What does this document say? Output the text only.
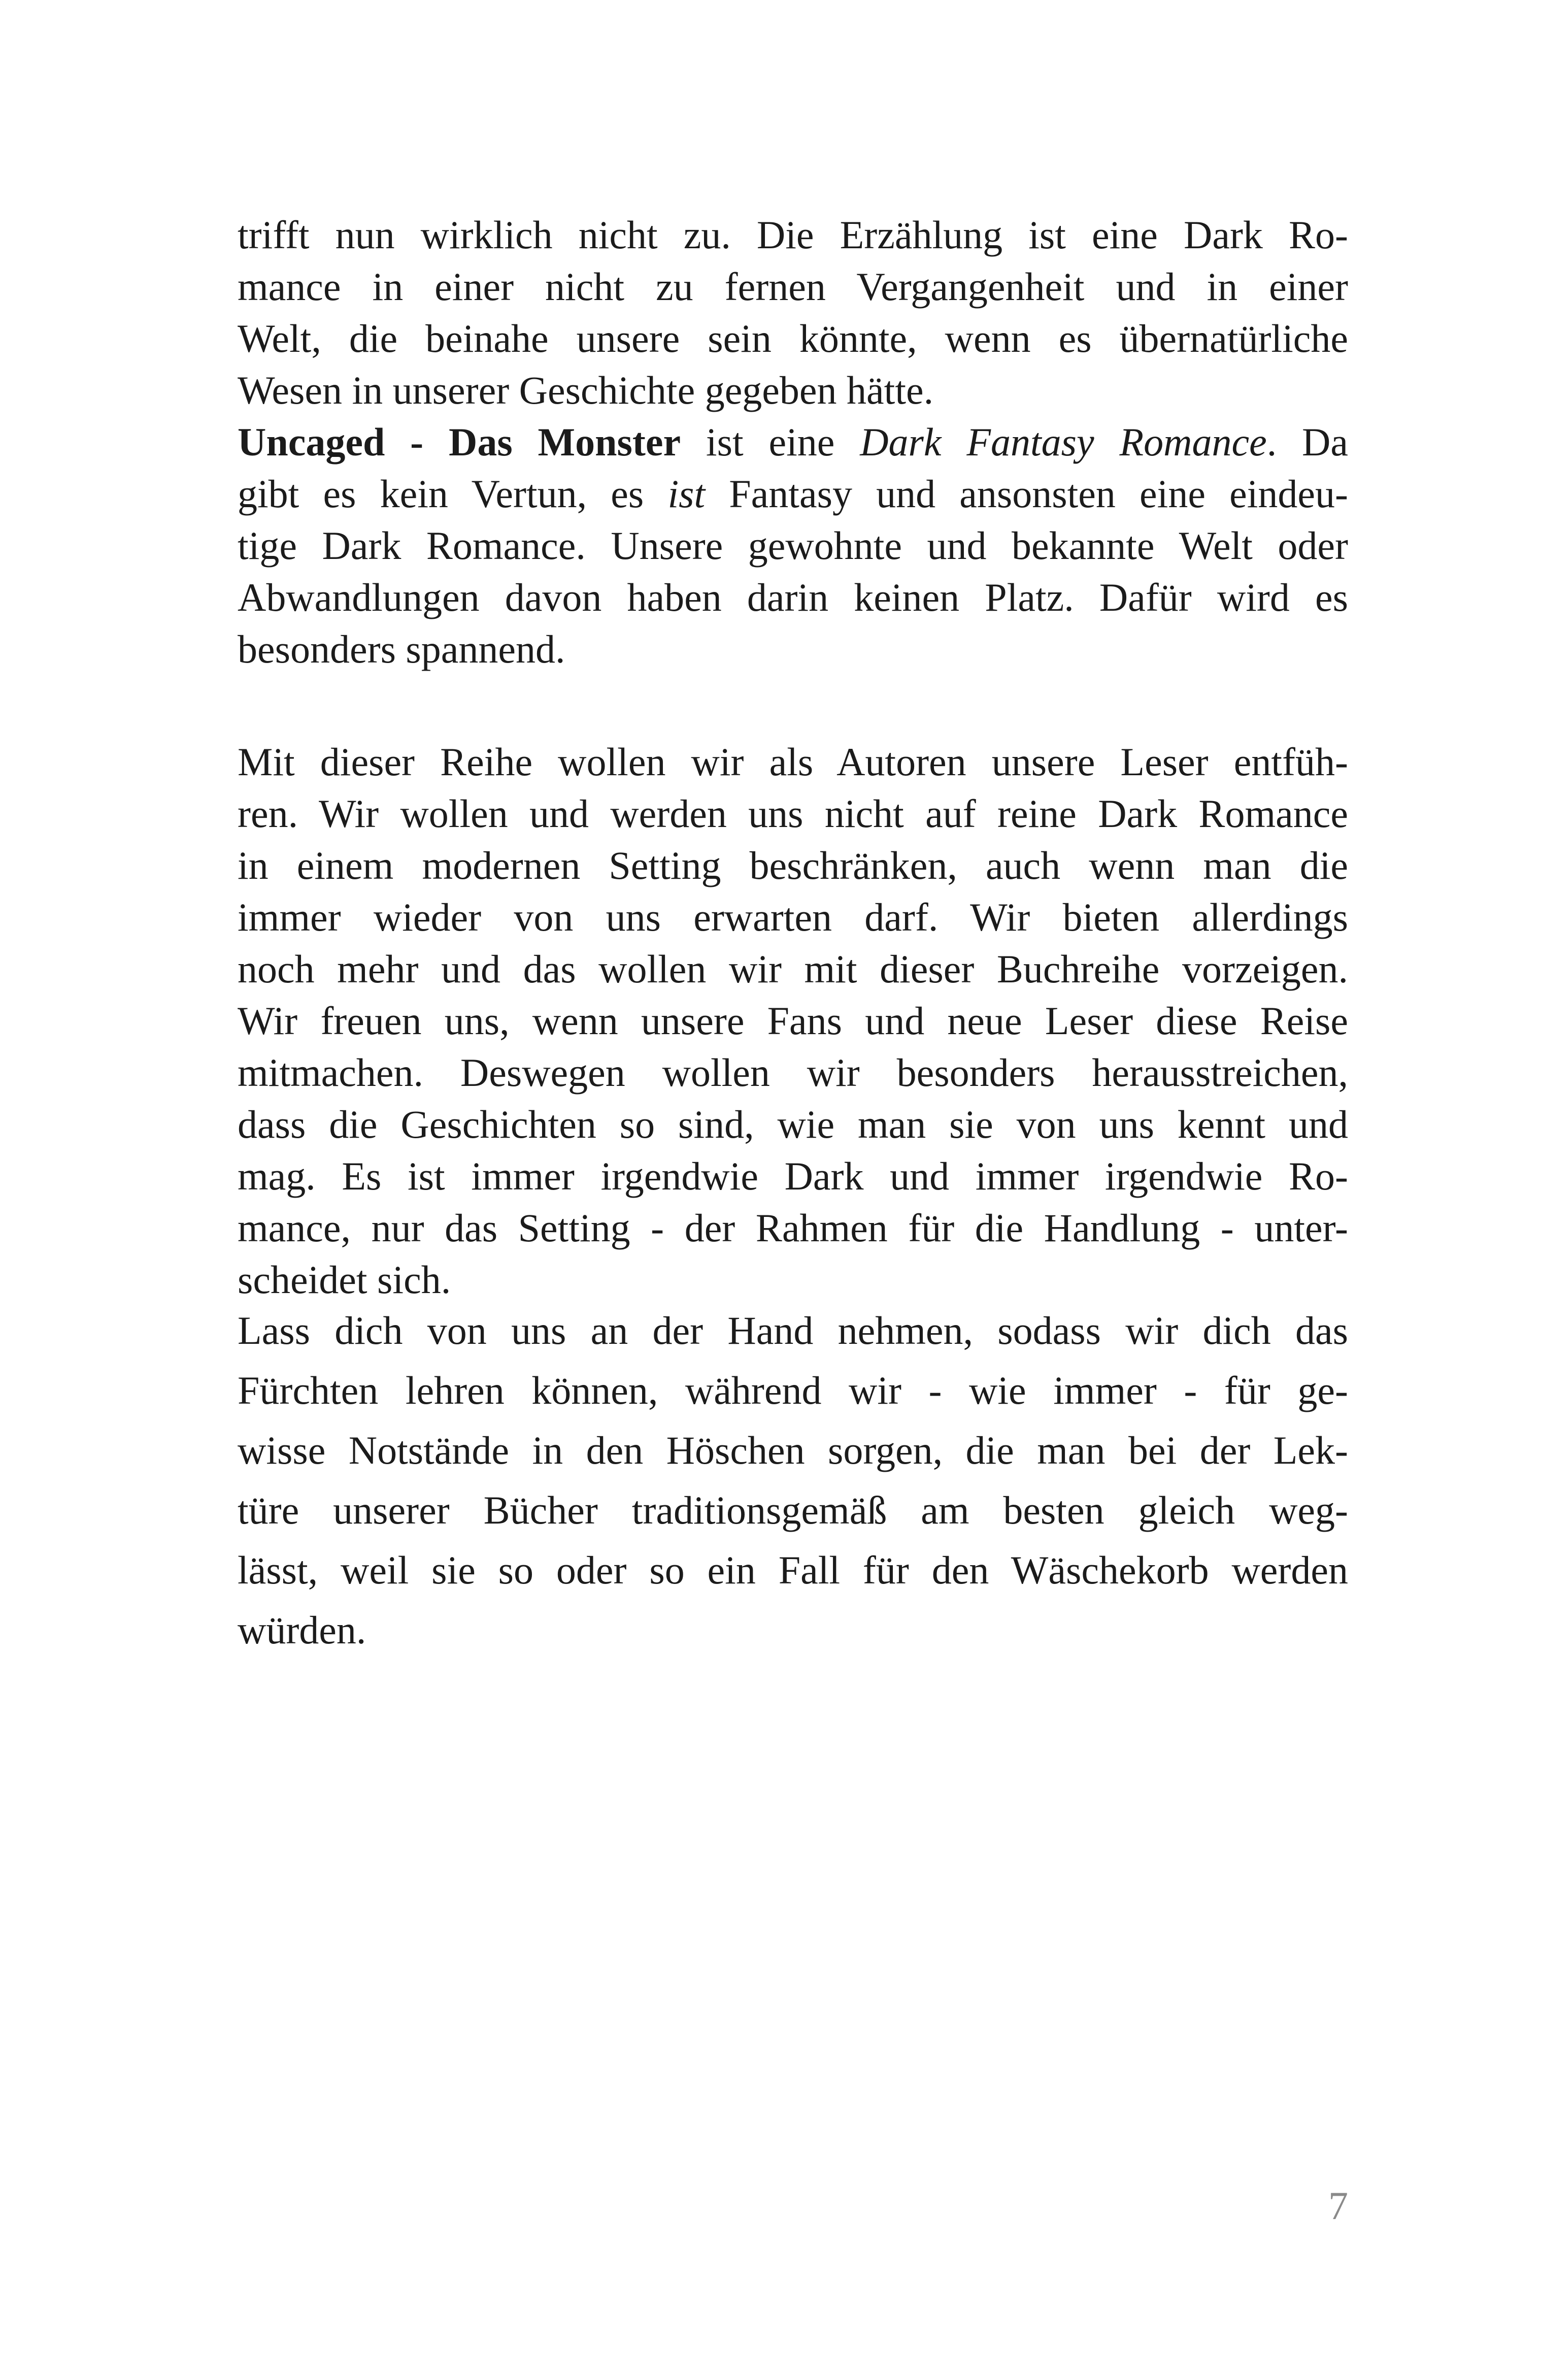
trifft nun wirklich nicht zu. Die Erzählung ist eine Dark Ro-
mance in einer nicht zu fernen Vergangenheit und in einer
Welt, die beinahe unsere sein könnte, wenn es übernatürliche
Wesen in unserer Geschichte gegeben hätte.
Uncaged - Das Monster ist eine Dark Fantasy Romance. Da
gibt es kein Vertun, es ist Fantasy und ansonsten eine eindeu-
tige Dark Romance. Unsere gewohnte und bekannte Welt oder
Abwandlungen davon haben darin keinen Platz. Dafür wird es
besonders spannend.
Mit dieser Reihe wollen wir als Autoren unsere Leser entfüh-
ren. Wir wollen und werden uns nicht auf reine Dark Romance
in einem modernen Setting beschränken, auch wenn man die
immer wieder von uns erwarten darf. Wir bieten allerdings
noch mehr und das wollen wir mit dieser Buchreihe vorzeigen.
Wir freuen uns, wenn unsere Fans und neue Leser diese Reise
mitmachen. Deswegen wollen wir besonders herausstreichen,
dass die Geschichten so sind, wie man sie von uns kennt und
mag. Es ist immer irgendwie Dark und immer irgendwie Ro-
mance, nur das Setting - der Rahmen für die Handlung - unter-
scheidet sich.
Lass dich von uns an der Hand nehmen, sodass wir dich das
Fürchten lehren können, während wir - wie immer - für ge-
wisse Notstände in den Höschen sorgen, die man bei der Lek-
türe unserer Bücher traditionsgemäß am besten gleich weg-
lässt, weil sie so oder so ein Fall für den Wäschekorb werden
würden.
7
